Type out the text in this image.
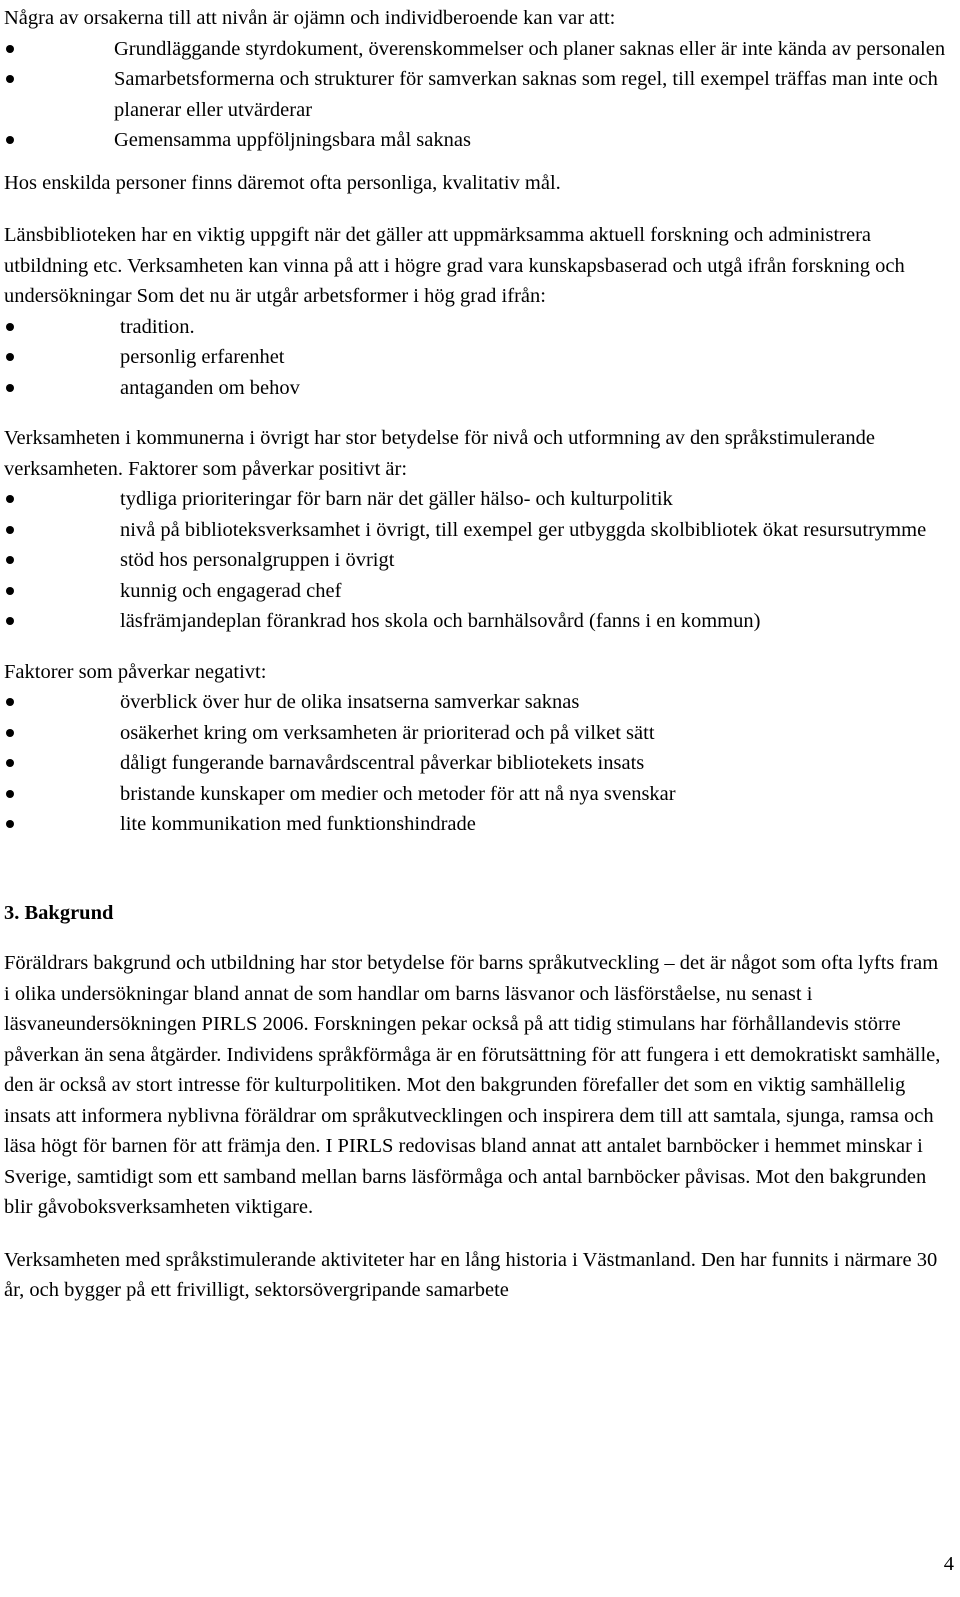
Några av orsakerna till att nivån är ojämn och individberoende kan var att:

Grundläggande styrdokument, överenskommelser och planer saknas eller är inte kända av personalen
Samarbetsformerna och strukturer för samverkan saknas som regel, till exempel träffas man inte och planerar eller utvärderar
Gemensamma uppföljningsbara mål saknas

Hos enskilda personer finns däremot ofta personliga, kvalitativ mål.

Länsbiblioteken har en viktig uppgift när det gäller att uppmärksamma aktuell forskning och administrera utbildning etc. Verksamheten kan vinna på att i högre grad vara kunskapsbaserad och utgå ifrån forskning och undersökningar Som det nu är utgår arbetsformer i hög grad ifrån:

tradition.
personlig erfarenhet
antaganden om behov

Verksamheten i kommunerna i övrigt har stor betydelse för nivå och utformning av den språkstimulerande verksamheten. Faktorer som påverkar positivt är:

tydliga prioriteringar för barn när det gäller hälso- och kulturpolitik
nivå på biblioteksverksamhet i övrigt, till exempel ger utbyggda skolbibliotek ökat resursutrymme
stöd hos personalgruppen i övrigt
kunnig och engagerad chef
läsfrämjandeplan förankrad hos skola och barnhälsovård (fanns i en kommun)

Faktorer som påverkar negativt:

överblick över hur de olika insatserna samverkar saknas
osäkerhet kring om verksamheten är prioriterad och på vilket sätt
dåligt fungerande barnavårdscentral påverkar bibliotekets insats
bristande kunskaper om medier och metoder för att nå nya svenskar
lite kommunikation med funktionshindrade

3. Bakgrund

Föräldrars bakgrund och utbildning har stor betydelse för barns språkutveckling – det är något som ofta lyfts fram i olika undersökningar bland annat de som handlar om barns läsvanor och läsförståelse, nu senast i läsvaneundersökningen PIRLS 2006. Forskningen pekar också på att tidig stimulans har förhållandevis större påverkan än sena åtgärder. Individens språkförmåga är en förutsättning för att fungera i ett demokratiskt samhälle, den är också av stort intresse för kulturpolitiken. Mot den bakgrunden förefaller det som en viktig samhällelig insats att informera nyblivna föräldrar om språkutvecklingen och inspirera dem till att samtala, sjunga, ramsa och läsa högt för barnen för att främja den. I PIRLS redovisas bland annat att antalet barnböcker i hemmet minskar i Sverige, samtidigt som ett samband mellan barns läsförmåga och antal barnböcker påvisas. Mot den bakgrunden blir gåvoboksverksamheten viktigare.

Verksamheten med språkstimulerande aktiviteter har en lång historia i Västmanland. Den har funnits i närmare 30 år, och bygger på ett frivilligt, sektorsövergripande samarbete

4
